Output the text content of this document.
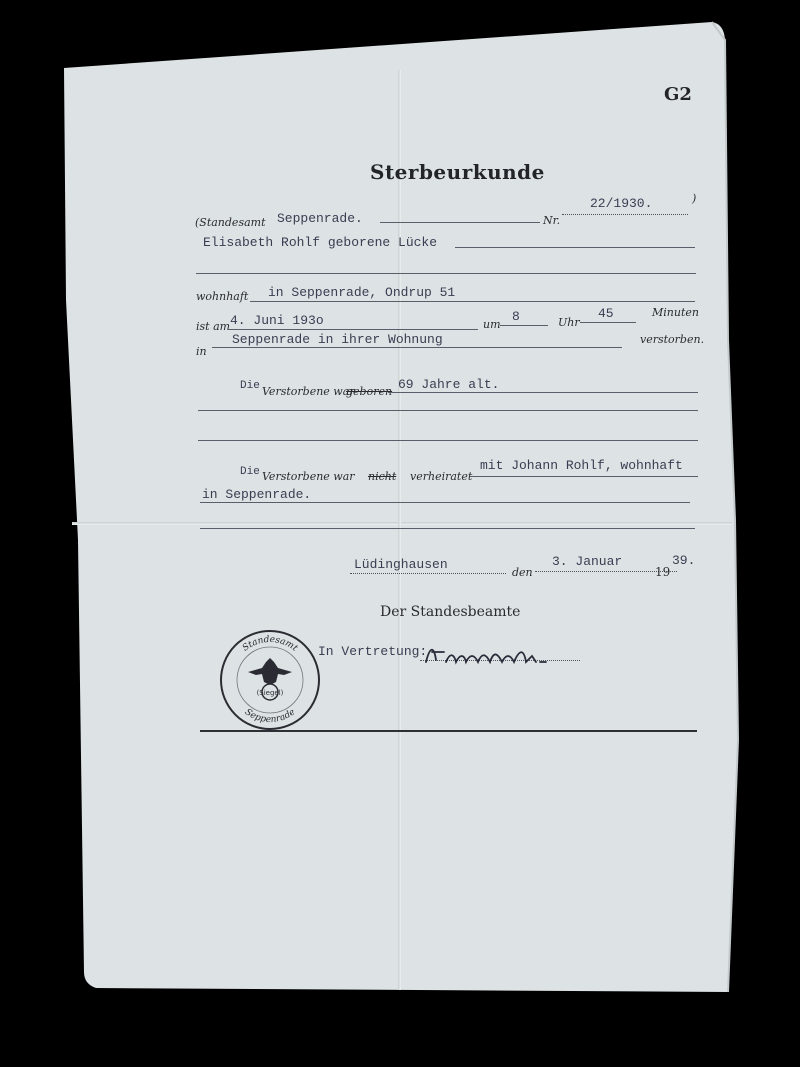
G2
Sterbeurkunde
(Standesamt Seppenrade.	Nr.
22/1930.	)
Elisabeth Rohlf geborene Lücke
wohnhaft in Seppenrade, Ondrup 51
ist am 4. Juni 193o	um
8	Uhr
45	Minuten
in
Seppenrade in ihrer Wohnung	verstorben.
Die Verstorbene war
geboren 69 Jahre alt.
Die Verstorbene war nicht verheiratet
mit Johann Rohlf, wohnhaft
in Seppenrade.
Lüdinghausen
den
3. Januar
19
39.
Der Standesbeamte
Standesamt
Seppenrade
(Siegel)
In Vertretung:
